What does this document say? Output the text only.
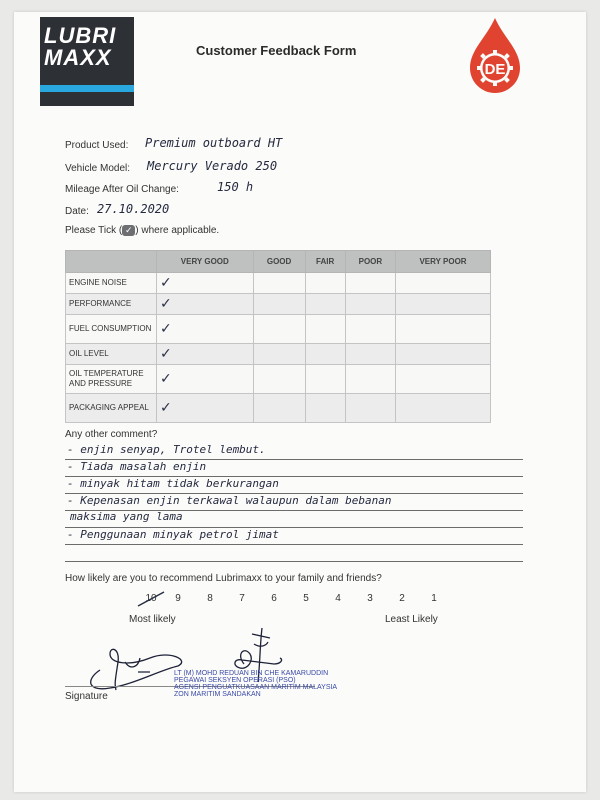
LUBRI
MAXX	Customer Feedback Form
DE
Product Used: Premium outboard HT
Vehicle Model: Mercury Verado 250
Mileage After Oil Change:	150 h
Date: 27.10.2020
Please Tick ( ✓ ) where applicable.
	VERY GOOD	GOOD	FAIR	POOR	VERY POOR
ENGINE NOISE	✓				
PERFORMANCE	✓				
FUEL CONSUMPTION	✓				
OIL LEVEL	✓				
OIL TEMPERATURE AND PRESSURE	✓				
PACKAGING APPEAL	✓				
Any other comment?
- enjin senyap, Trotel lembut.
- Tiada masalah enjin
- minyak hitam tidak berkurangan
- Kepenasan enjin terkawal walaupun dalam bebanan
maksima yang lama
- Penggunaan minyak petrol jimat
How likely are you to recommend Lubrimaxx to your family and friends?
10	9	8	7	6	5	4	3	2	1
Most likely	Least Likely
Signature
LT (M) MOHD REDUAN BIN CHE KAMARUDDIN
PEGAWAI SEKSYEN OPERASI (PSO)
AGENSI PENGUATKUASAAN MARITIM MALAYSIA
ZON MARITIM SANDAKAN
